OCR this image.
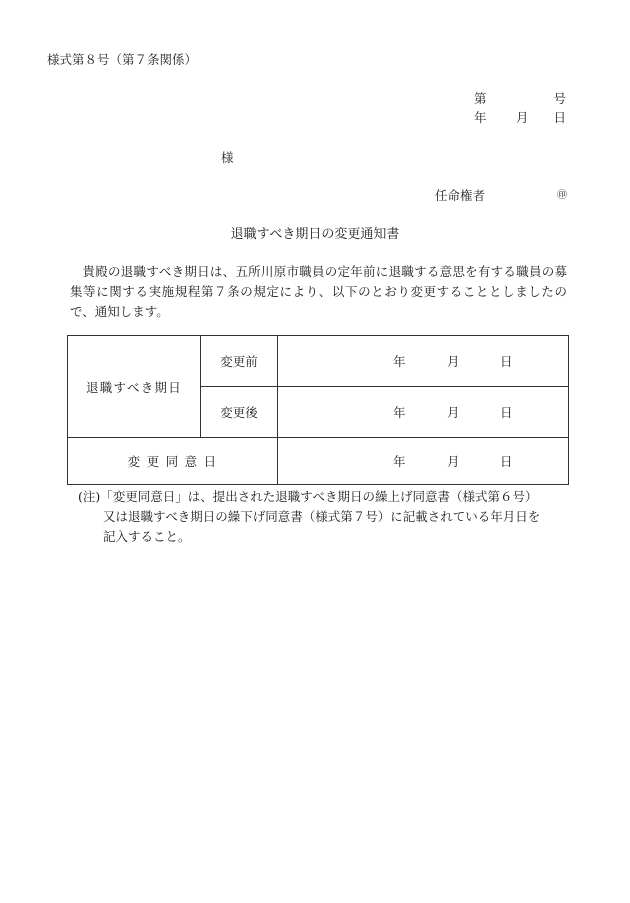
様式第８号（第７条関係）
第	号
年 月 日
様
任命権者	㊞
退職すべき期日の変更通知書
貴殿の退職すべき期日は、五所川原市職員の定年前に退職する意思を有する職員の募集等に関する実施規程第７条の規定により、以下のとおり変更することとしましたので、通知します。
退職すべき期日	変更前	年 月 日

	変更後	年 月 日

変 更 同 意 日		年 月 日
(注)「変更同意日」は、提出された退職すべき期日の繰上げ同意書（様式第６号）
又は退職すべき期日の繰下げ同意書（様式第７号）に記載されている年月日を
記入すること。
